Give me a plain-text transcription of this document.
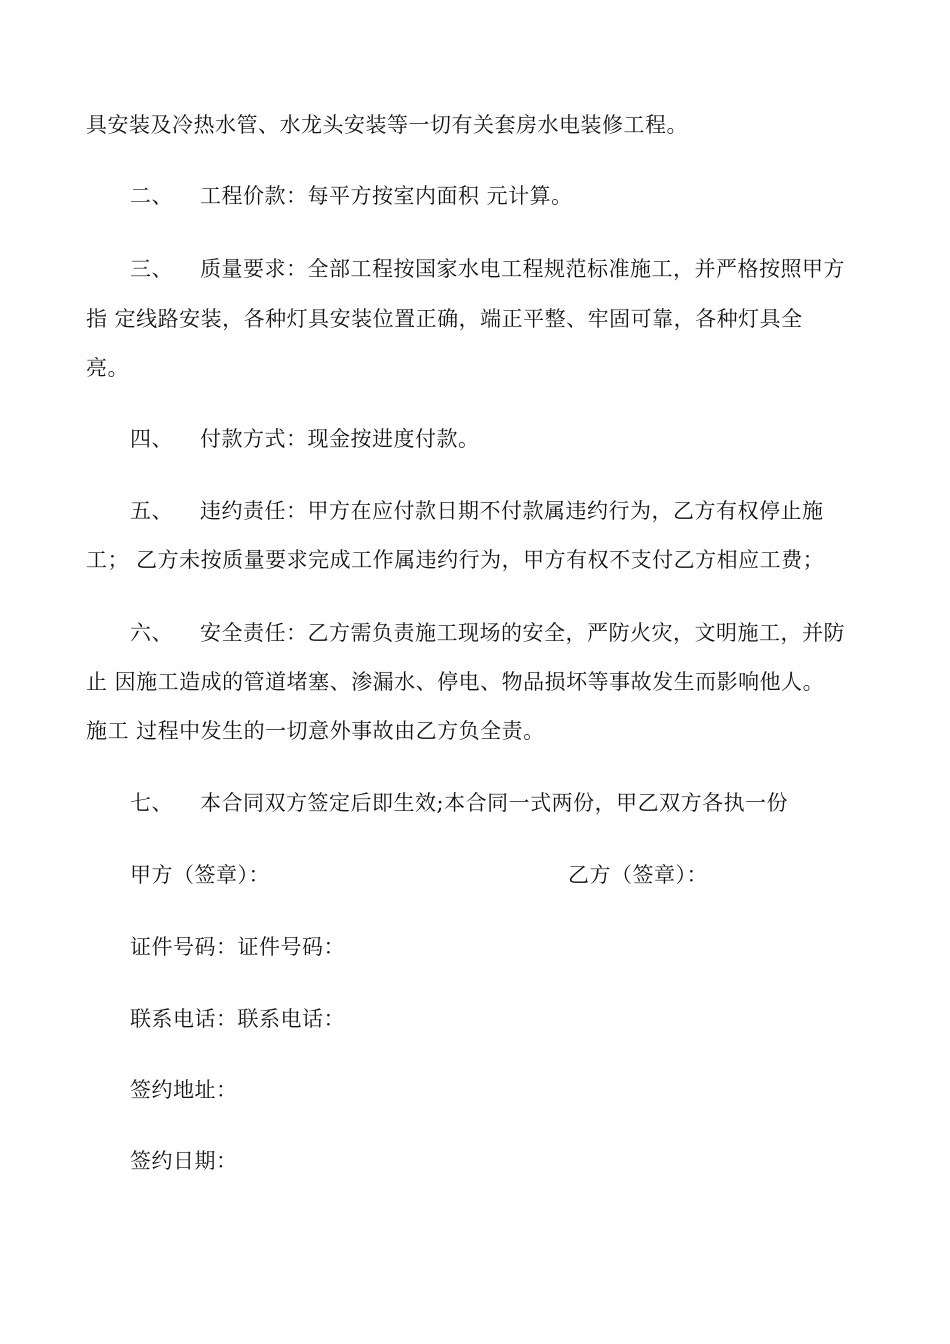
具安装及冷热水管、水龙头安装等一切有关套房水电装修工程。
二、 工程价款：每平方按室内面积 元计算。
三、 质量要求：全部工程按国家水电工程规范标准施工，并严格按照甲方
指 定线路安装，各种灯具安装位置正确，端正平整、牢固可靠，各种灯具全
亮。
四、 付款方式：现金按进度付款。
五、 违约责任：甲方在应付款日期不付款属违约行为，乙方有权停止施
工； 乙方未按质量要求完成工作属违约行为，甲方有权不支付乙方相应工费；
六、 安全责任：乙方需负责施工现场的安全，严防火灾，文明施工，并防
止 因施工造成的管道堵塞、渗漏水、停电、物品损坏等事故发生而影响他人。
施工 过程中发生的一切意外事故由乙方负全责。
七、 本合同双方签定后即生效;本合同一式两份，甲乙双方各执一份
甲方（签章）：	乙方（签章）：
证件号码：证件号码：
联系电话：联系电话：
签约地址：
签约日期：
